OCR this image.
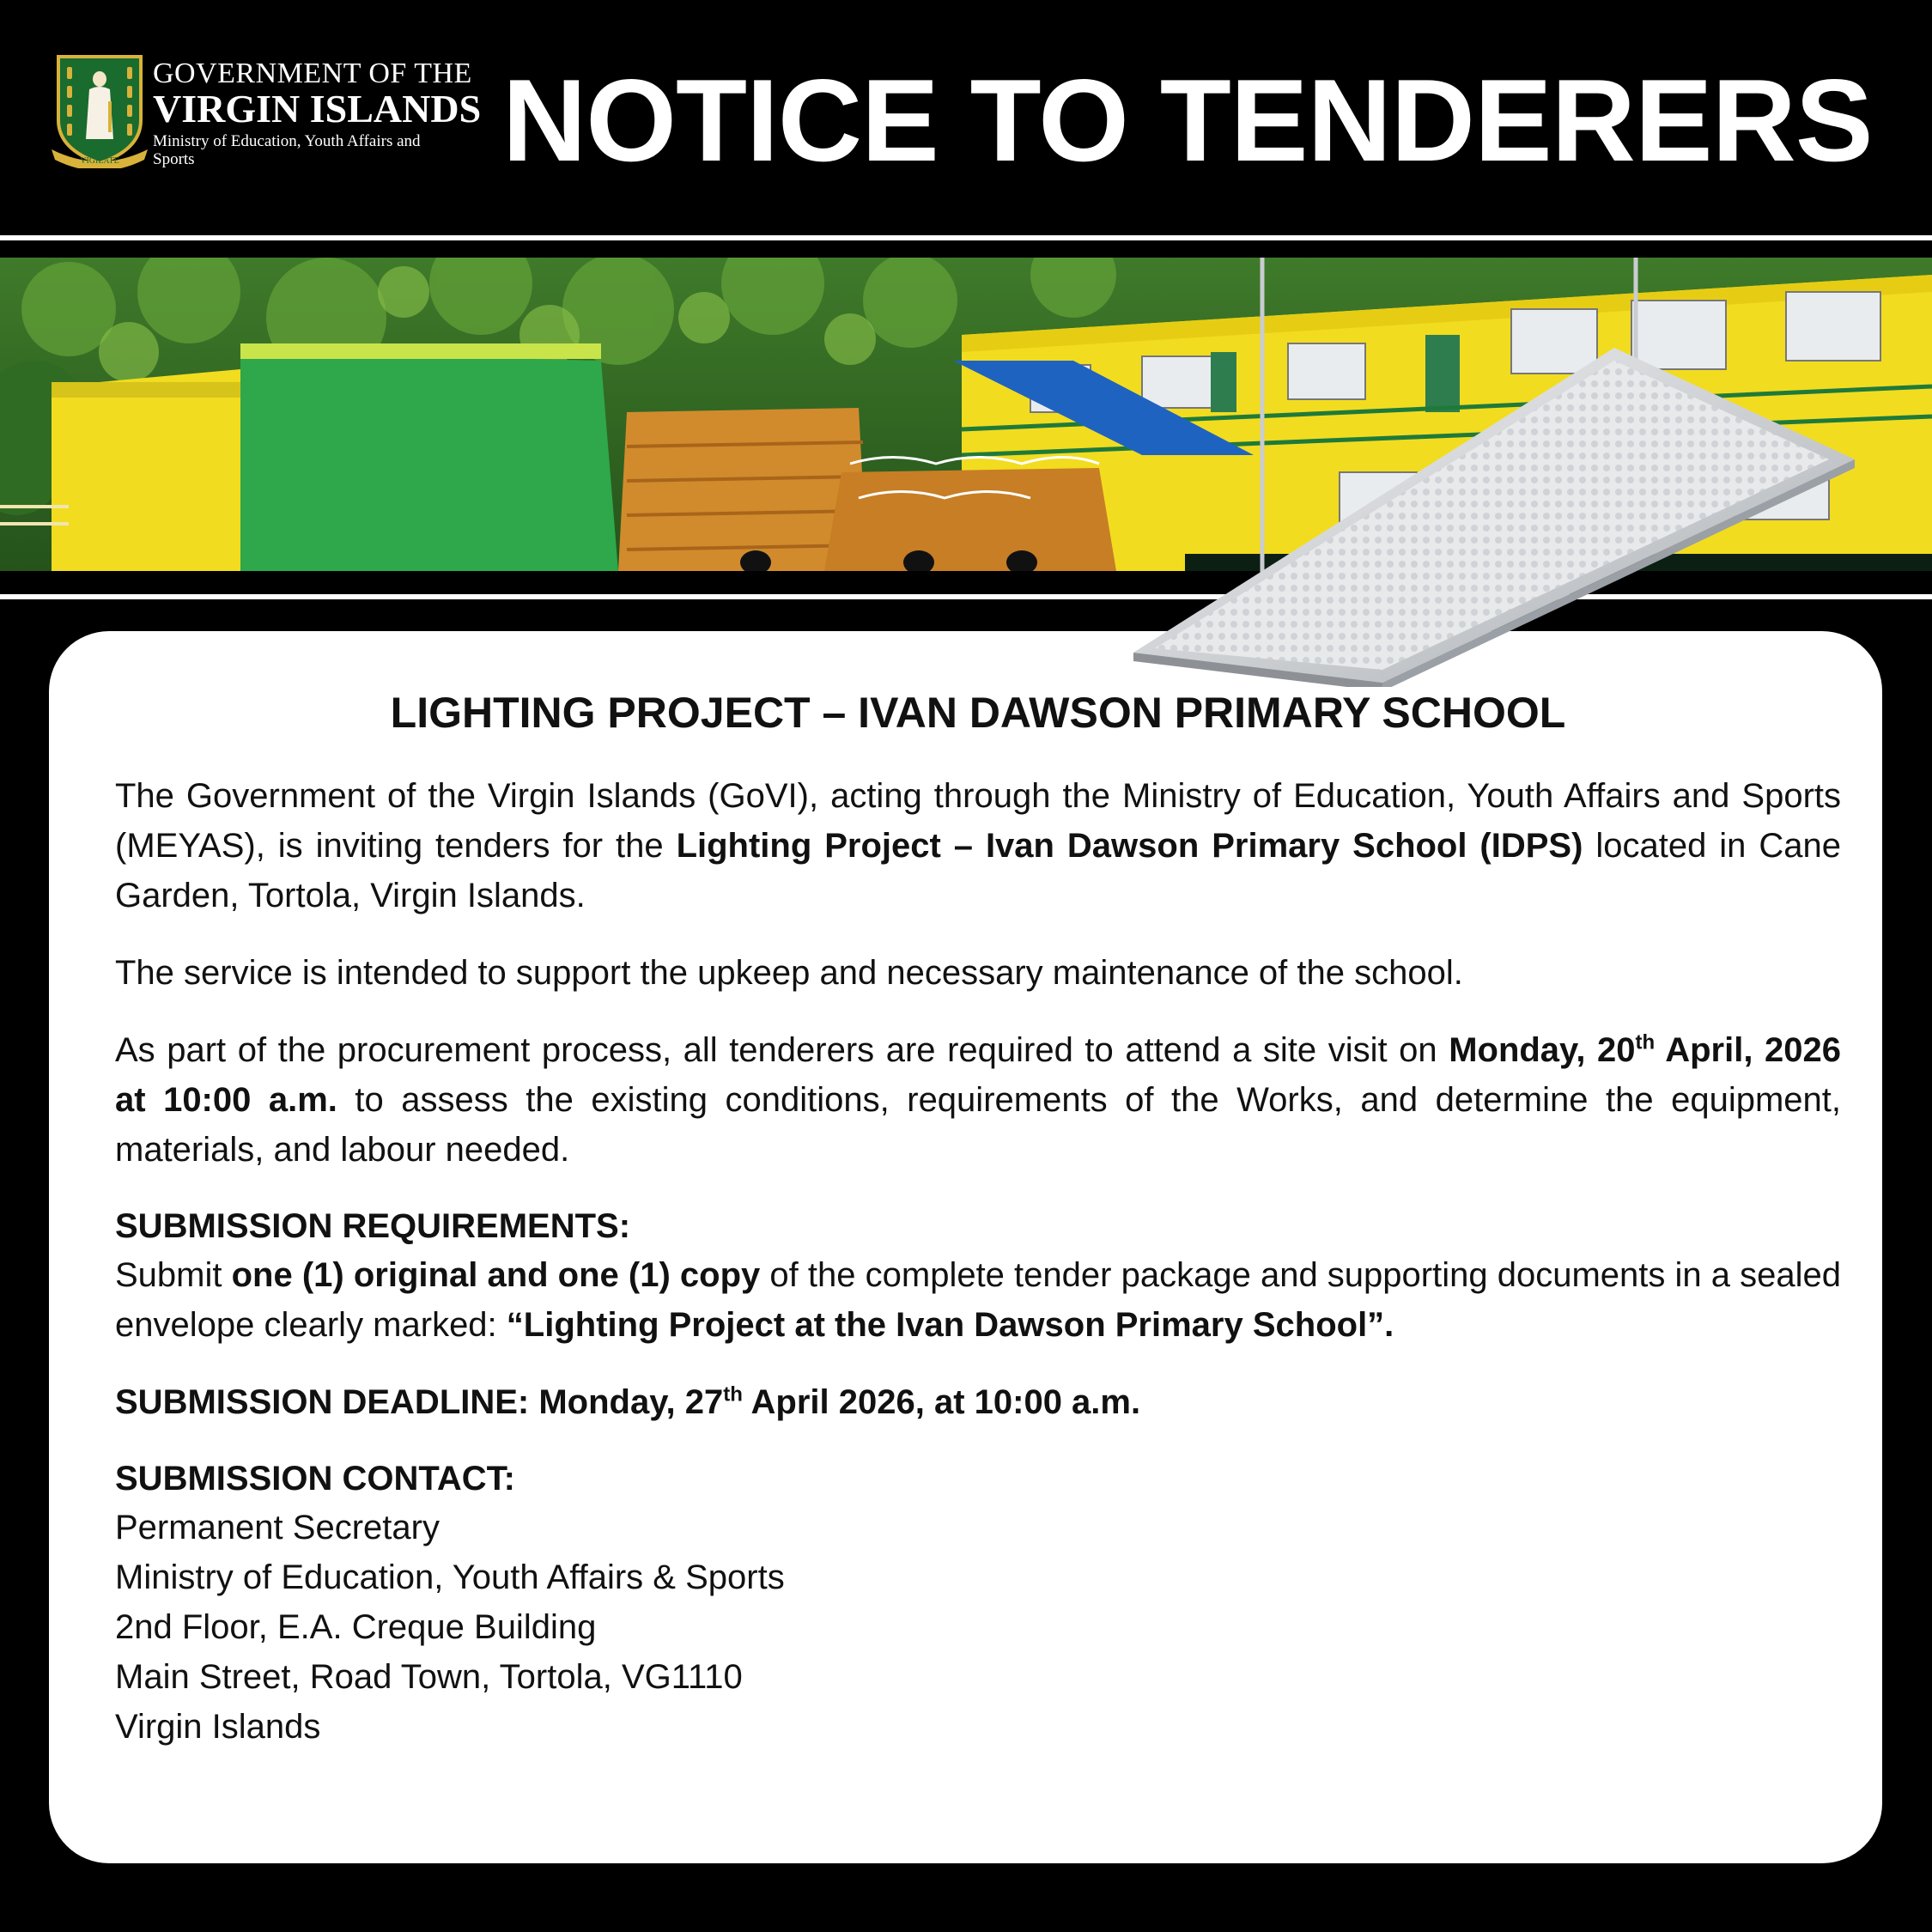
VIGILATE
GOVERNMENT OF THE
VIRGIN ISLANDS
Ministry of Education, Youth Affairs and Sports	NOTICE TO TENDERERS
LIGHTING PROJECT – IVAN DAWSON PRIMARY SCHOOL

The Government of the Virgin Islands (GoVI), acting through the Ministry of Education, Youth Affairs and Sports (MEYAS), is inviting tenders for the Lighting Project – Ivan Dawson Primary School (IDPS) located in Cane Garden, Tortola, Virgin Islands.

The service is intended to support the upkeep and necessary maintenance of the school.

As part of the procurement process, all tenderers are required to attend a site visit on Monday, 20th April, 2026 at 10:00 a.m. to assess the existing conditions, requirements of the Works, and determine the equipment, materials, and labour needed.

SUBMISSION REQUIREMENTS:
Submit one (1) original and one (1) copy of the complete tender package and supporting documents in a sealed envelope clearly marked: “Lighting Project at the Ivan Dawson Primary School”.
SUBMISSION DEADLINE: Monday, 27th April 2026, at 10:00 a.m.
SUBMISSION CONTACT:
Permanent Secretary
Ministry of Education, Youth Affairs & Sports
2nd Floor, E.A. Creque Building
Main Street, Road Town, Tortola, VG1110
Virgin Islands
